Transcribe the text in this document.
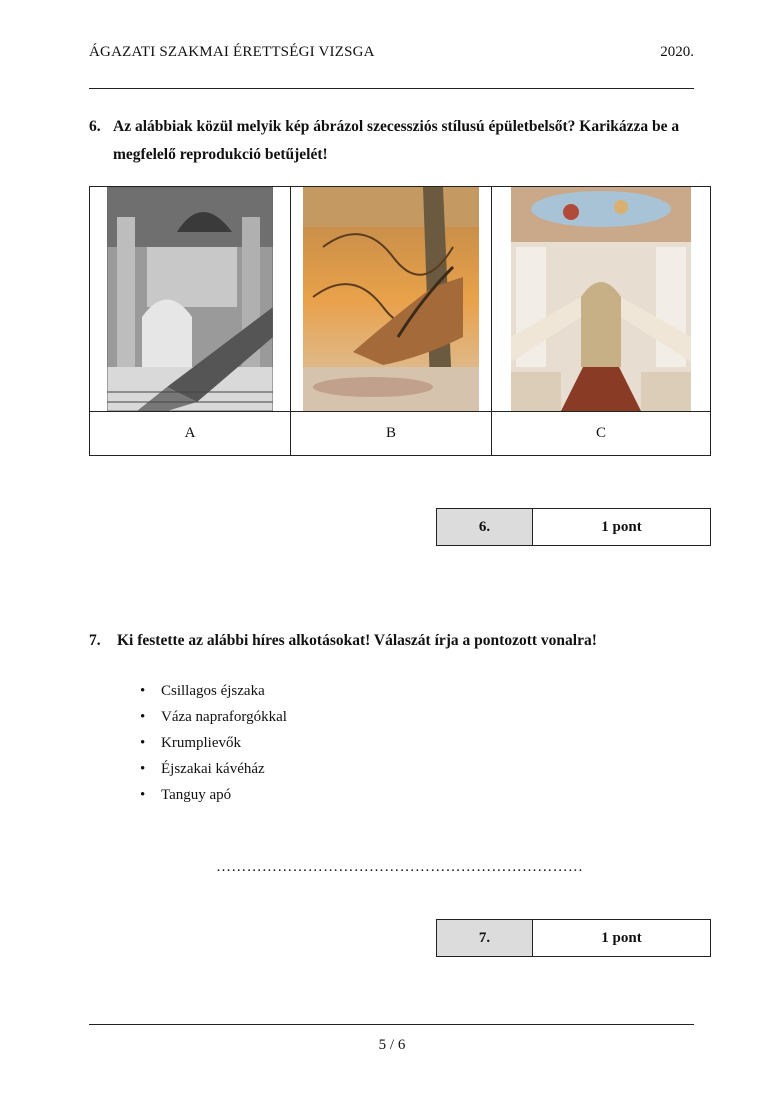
ÁGAZATI SZAKMAI ÉRETTSÉGI VIZSGA	2020.
6. Az alábbiak közül melyik kép ábrázol szecessziós stílusú épületbelsőt? Karikázza be a
megfelelő reprodukció betűjelét!

A	B	C
6.	1 pont
7. Ki festette az alábbi híres alkotásokat! Válaszát írja a pontozott vonalra!
• Csillagos éjszaka
• Váza napraforgókkal
• Krumplievők
• Éjszakai kávéház
• Tanguy apó
………………………………………………………………
7.	1 pont
5 / 6
